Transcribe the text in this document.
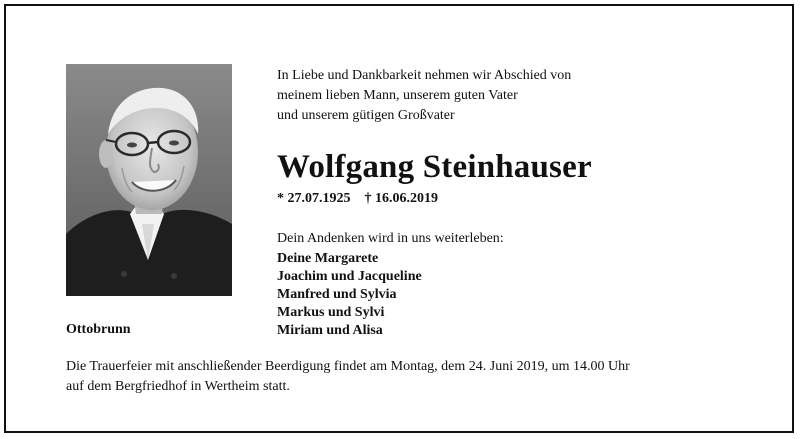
Ottobrunn

In Liebe und Dankbarkeit nehmen wir Abschied von
meinem lieben Mann, unserem guten Vater
und unserem gütigen Großvater

Wolfgang Steinhauser

* 27.07.1925 † 16.06.2019

Dein Andenken wird in uns weiterleben:

Deine Margarete
Joachim und Jacqueline
Manfred und Sylvia
Markus und Sylvi
Miriam und Alisa

Die Trauerfeier mit anschließender Beerdigung findet am Montag, dem 24. Juni 2019, um 14.00 Uhr
auf dem Bergfriedhof in Wertheim statt.
